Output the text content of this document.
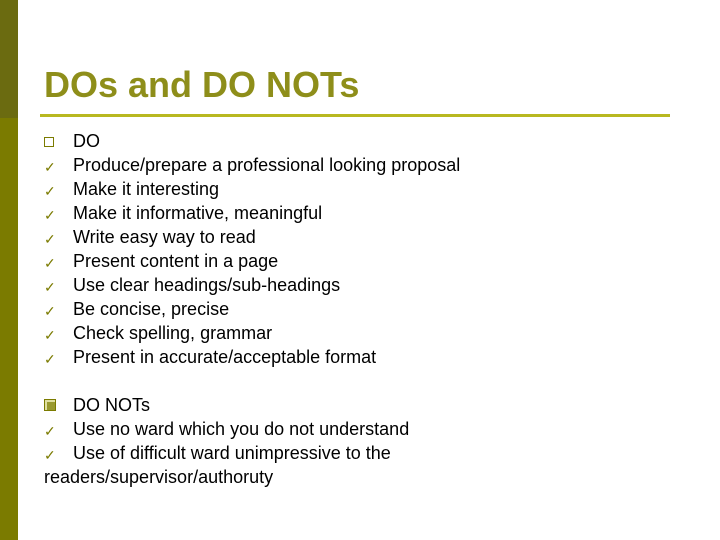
DOs and DO NOTs
DO
✓ Produce/prepare a professional looking proposal
✓ Make it interesting
✓ Make it informative, meaningful
✓ Write easy way to read
✓ Present content in a page
✓ Use clear headings/sub-headings
✓ Be concise, precise
✓ Check spelling, grammar
✓ Present in accurate/acceptable format
DO NOTs
✓ Use no ward which you do not understand
✓ Use of difficult ward unimpressive to the
readers/supervisor/authoruty
